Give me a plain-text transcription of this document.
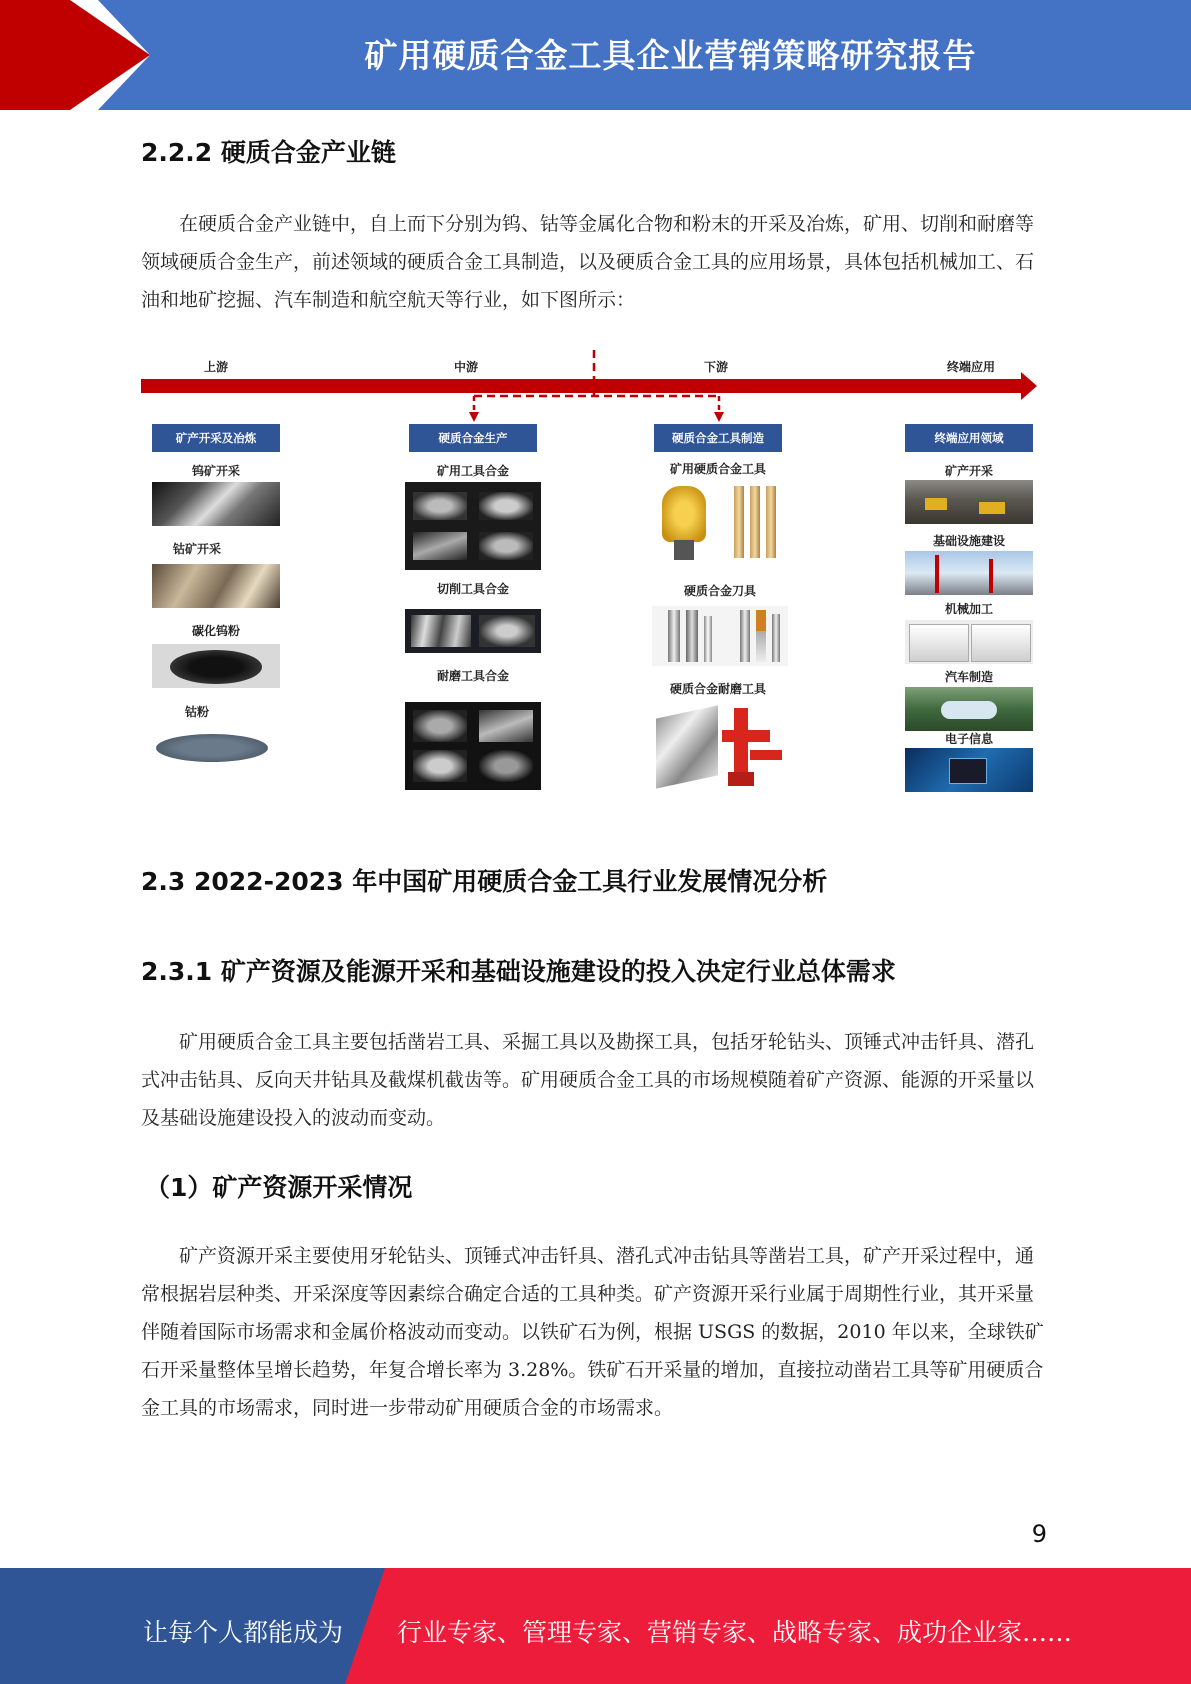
矿用硬质合金工具企业营销策略研究报告
2.2.2 硬质合金产业链

在硬质合金产业链中，自上而下分别为钨、钴等金属化合物和粉末的开采及冶炼，矿用、切削和耐磨等领域硬质合金生产，前述领域的硬质合金工具制造，以及硬质合金工具的应用场景，具体包括机械加工、石油和地矿挖掘、汽车制造和航空航天等行业，如下图所示：

上游	中游	下游	终端应用
矿产开采及冶炼	硬质合金生产	硬质合金工具制造	终端应用领域
钨矿开采
钴矿开采
碳化钨粉
钴粉
矿用工具合金
切削工具合金
耐磨工具合金
矿用硬质合金工具
硬质合金刀具
硬质合金耐磨工具
矿产开采
基础设施建设
机械加工
汽车制造
电子信息
2.3 2022-2023 年中国矿用硬质合金工具行业发展情况分析
2.3.1 矿产资源及能源开采和基础设施建设的投入决定行业总体需求

矿用硬质合金工具主要包括凿岩工具、采掘工具以及勘探工具，包括牙轮钻头、顶锤式冲击钎具、潜孔式冲击钻具、反向天井钻具及截煤机截齿等。矿用硬质合金工具的市场规模随着矿产资源、能源的开采量以及基础设施建设投入的波动而变动。

（1）矿产资源开采情况

矿产资源开采主要使用牙轮钻头、顶锤式冲击钎具、潜孔式冲击钻具等凿岩工具，矿产开采过程中，通常根据岩层种类、开采深度等因素综合确定合适的工具种类。矿产资源开采行业属于周期性行业，其开采量伴随着国际市场需求和金属价格波动而变动。以铁矿石为例，根据 USGS 的数据，2010 年以来，全球铁矿石开采量整体呈增长趋势，年复合增长率为 3.28%。铁矿石开采量的增加，直接拉动凿岩工具等矿用硬质合金工具的市场需求，同时进一步带动矿用硬质合金的市场需求。

9
让每个人都能成为 行业专家、管理专家、营销专家、战略专家、成功企业家……
